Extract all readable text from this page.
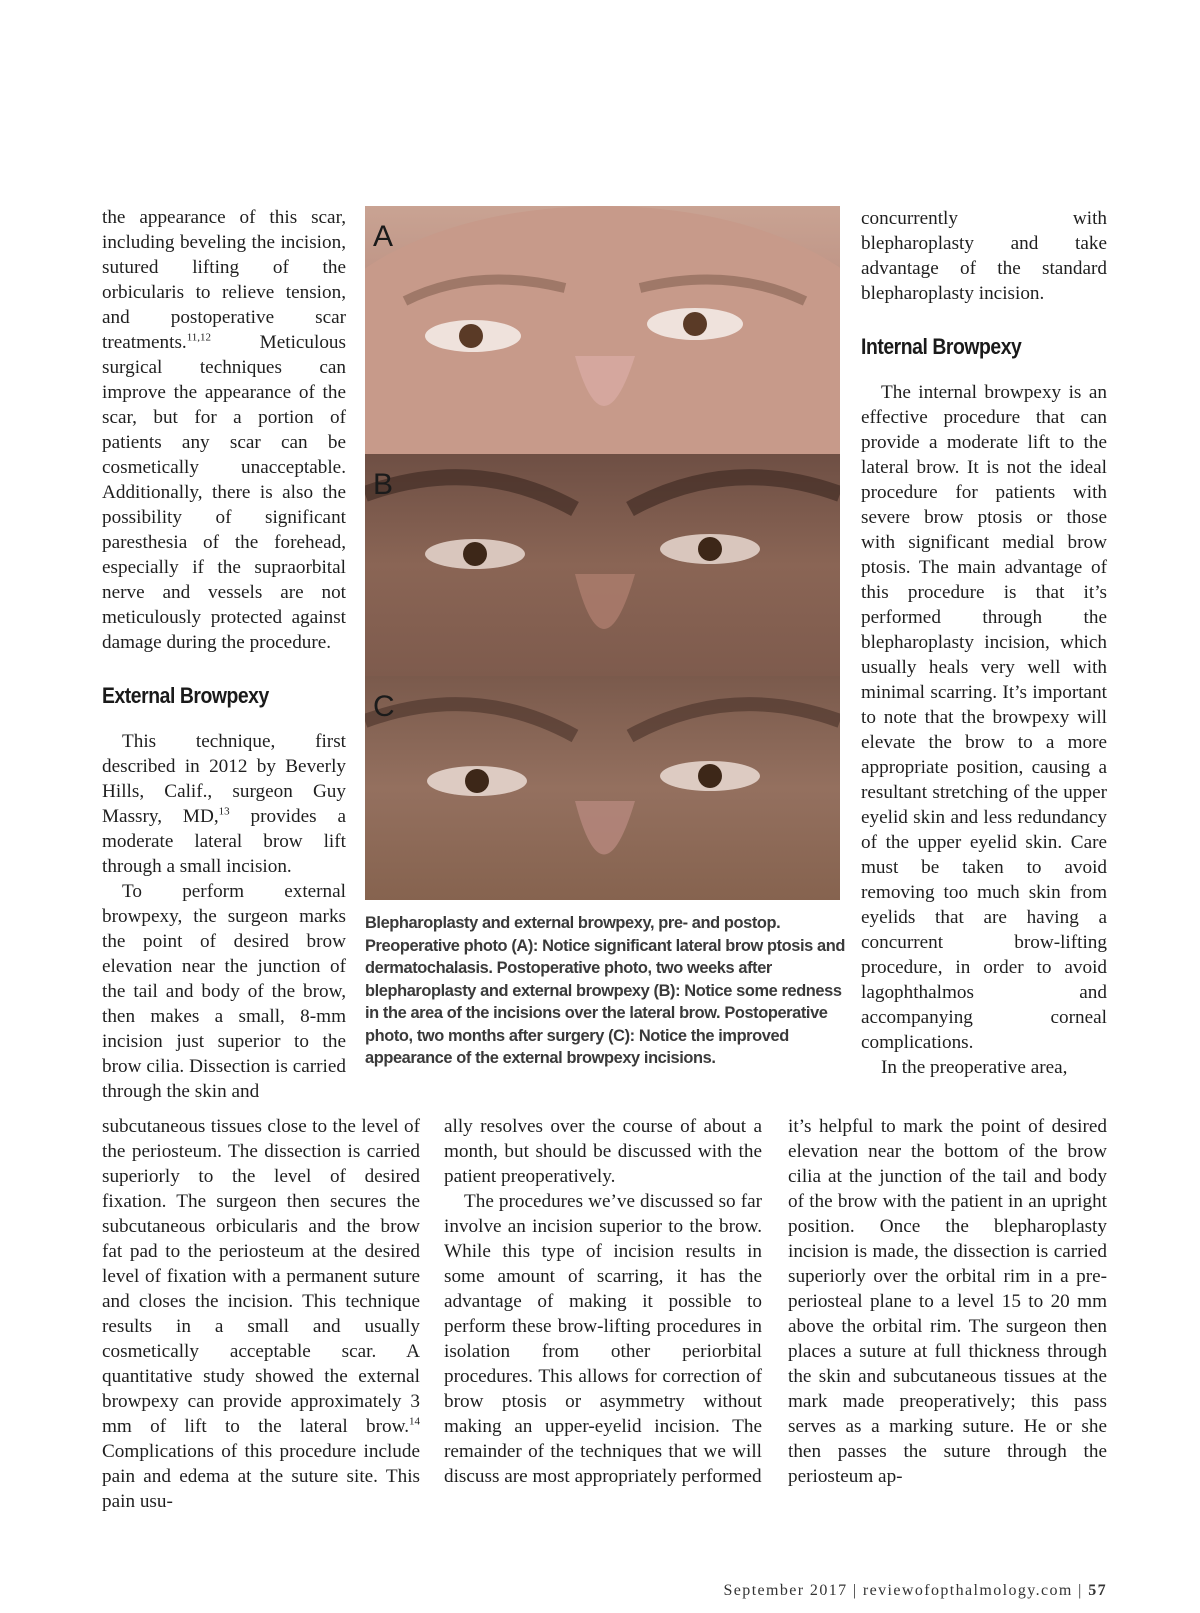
the appearance of this scar, including beveling the incision, sutured lifting of the orbicularis to relieve tension, and postoperative scar treatments.$^{11,12}$ Meticulous surgical techniques can improve the appearance of the scar, but for a portion of patients any scar can be cosmetically unacceptable. Additionally, there is also the possibility of significant paresthesia of the forehead, especially if the supraorbital nerve and vessels are not meticulously protected against damage during the procedure.

External Browpexy

This technique, first described in 2012 by Beverly Hills, Calif., surgeon Guy Massry, MD,$^{13}$ provides a moderate lateral brow lift through a small incision.

To perform external browpexy, the surgeon marks the point of desired brow elevation near the junction of the tail and body of the brow, then makes a small, 8-mm incision just superior to the brow cilia. Dissection is carried through the skin and

A
B
C
Blepharoplasty and external browpexy, pre- and postop. Preoperative photo (A): Notice significant lateral brow ptosis and dermatochalasis. Postoperative photo, two weeks after blepharoplasty and external browpexy (B): Notice some redness in the area of the incisions over the lateral brow. Postoperative photo, two months after surgery (C): Notice the improved appearance of the external browpexy incisions.

concurrently with blepharoplasty and take advantage of the standard blepharoplasty incision.

Internal Browpexy

The internal browpexy is an effective procedure that can provide a moderate lift to the lateral brow. It is not the ideal procedure for patients with severe brow ptosis or those with significant medial brow ptosis. The main advantage of this procedure is that it’s performed through the blepharoplasty incision, which usually heals very well with minimal scarring. It’s important to note that the browpexy will elevate the brow to a more appropriate position, causing a resultant stretching of the upper eyelid skin and less redundancy of the upper eyelid skin. Care must be taken to avoid removing too much skin from eyelids that are having a concurrent brow-lifting procedure, in order to avoid lagophthalmos and accompanying corneal complications.

In the preoperative area,

subcutaneous tissues close to the level of the periosteum. The dissection is carried superiorly to the level of desired fixation. The surgeon then secures the subcutaneous orbicularis and the brow fat pad to the periosteum at the desired level of fixation with a permanent suture and closes the incision. This technique results in a small and usually cosmetically acceptable scar. A quantitative study showed the external browpexy can provide approximately 3 mm of lift to the lateral brow.$^{14}$ Complications of this procedure include pain and edema at the suture site. This pain usu-

ally resolves over the course of about a month, but should be discussed with the patient preoperatively.

The procedures we’ve discussed so far involve an incision superior to the brow. While this type of incision results in some amount of scarring, it has the advantage of making it possible to perform these brow-lifting procedures in isolation from other periorbital procedures. This allows for correction of brow ptosis or asymmetry without making an upper-eyelid incision. The remainder of the techniques that we will discuss are most appropriately performed

it’s helpful to mark the point of desired elevation near the bottom of the brow cilia at the junction of the tail and body of the brow with the patient in an upright position. Once the blepharoplasty incision is made, the dissection is carried superiorly over the orbital rim in a pre-periosteal plane to a level 15 to 20 mm above the orbital rim. The surgeon then places a suture at full thickness through the skin and subcutaneous tissues at the mark made preoperatively; this pass serves as a marking suture. He or she then passes the suture through the periosteum ap-

September 2017 | reviewofopthalmology.com | 57
